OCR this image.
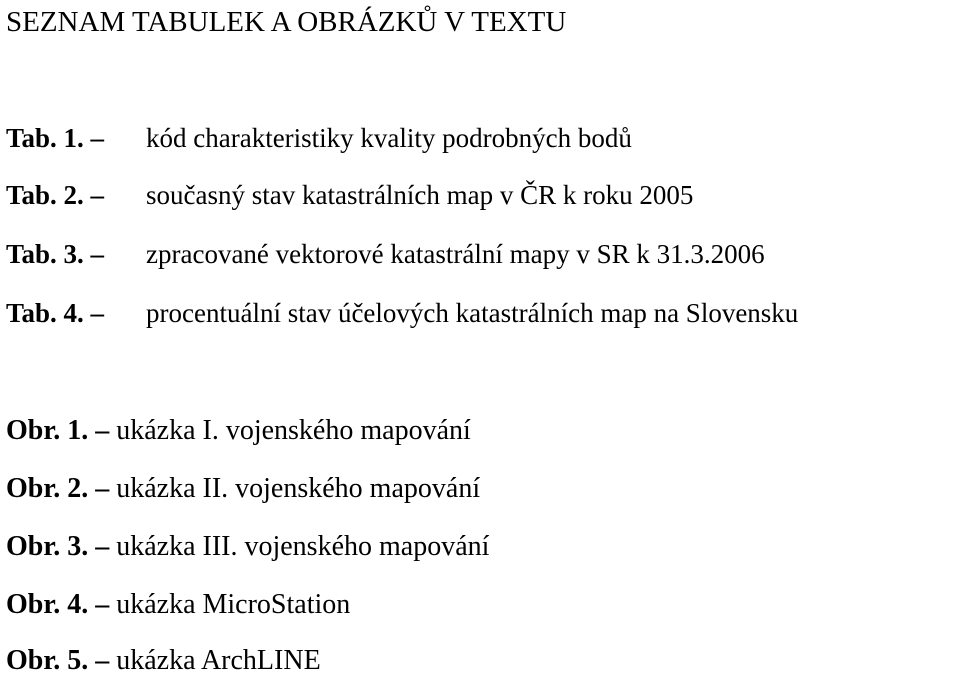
SEZNAM TABULEK A OBRÁZKŮ V TEXTU
Tab. 1. – kód charakteristiky kvality podrobných bodů
Tab. 2. – současný stav katastrálních map v ČR k roku 2005
Tab. 3. – zpracované vektorové katastrální mapy v SR k 31.3.2006
Tab. 4. – procentuální stav účelových katastrálních map na Slovensku
Obr. 1. – ukázka I. vojenského mapování
Obr. 2. – ukázka II. vojenského mapování
Obr. 3. – ukázka III. vojenského mapování
Obr. 4. – ukázka MicroStation
Obr. 5. – ukázka ArchLINE
